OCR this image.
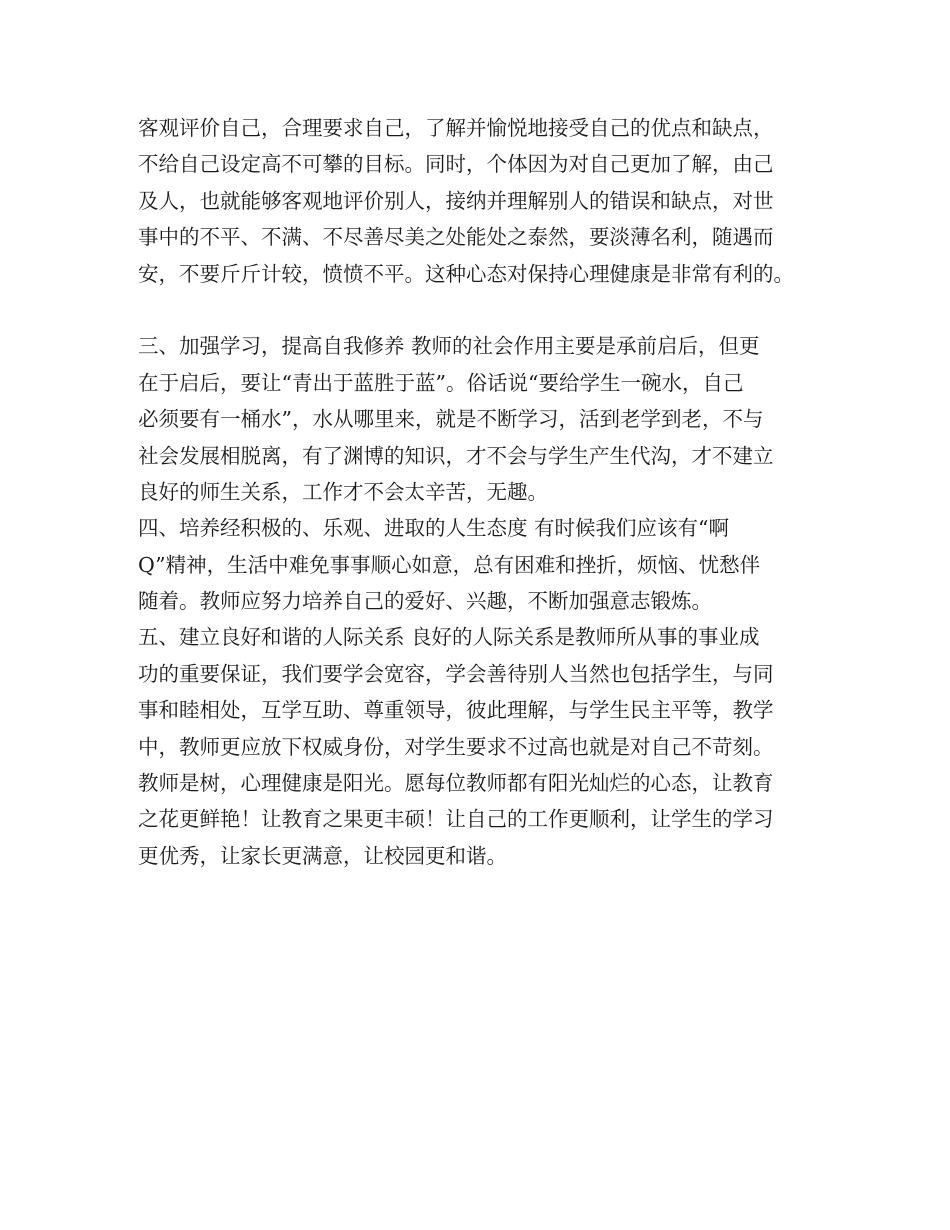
客观评价自己，合理要求自己，了解并愉悦地接受自己的优点和缺点，
不给自己设定高不可攀的目标。同时，个体因为对自己更加了解，由己
及人，也就能够客观地评价别人，接纳并理解别人的错误和缺点，对世
事中的不平、不满、不尽善尽美之处能处之泰然，要淡薄名利，随遇而
安，不要斤斤计较，愤愤不平。这种心态对保持心理健康是非常有利的。
三、加强学习，提高自我修养 教师的社会作用主要是承前启后，但更
在于启后，要让“青出于蓝胜于蓝”。俗话说“要给学生一碗水，自己
必须要有一桶水”，水从哪里来，就是不断学习，活到老学到老，不与
社会发展相脱离，有了渊博的知识，才不会与学生产生代沟，才不建立
良好的师生关系，工作才不会太辛苦，无趣。
四、培养经积极的、乐观、进取的人生态度 有时候我们应该有“啊
Q”精神，生活中难免事事顺心如意，总有困难和挫折，烦恼、忧愁伴
随着。教师应努力培养自己的爱好、兴趣，不断加强意志锻炼。
五、建立良好和谐的人际关系 良好的人际关系是教师所从事的事业成
功的重要保证，我们要学会宽容，学会善待别人当然也包括学生，与同
事和睦相处，互学互助、尊重领导，彼此理解，与学生民主平等，教学
中，教师更应放下权威身份，对学生要求不过高也就是对自己不苛刻。
教师是树，心理健康是阳光。愿每位教师都有阳光灿烂的心态，让教育
之花更鲜艳！让教育之果更丰硕！让自己的工作更顺利，让学生的学习
更优秀，让家长更满意，让校园更和谐。
